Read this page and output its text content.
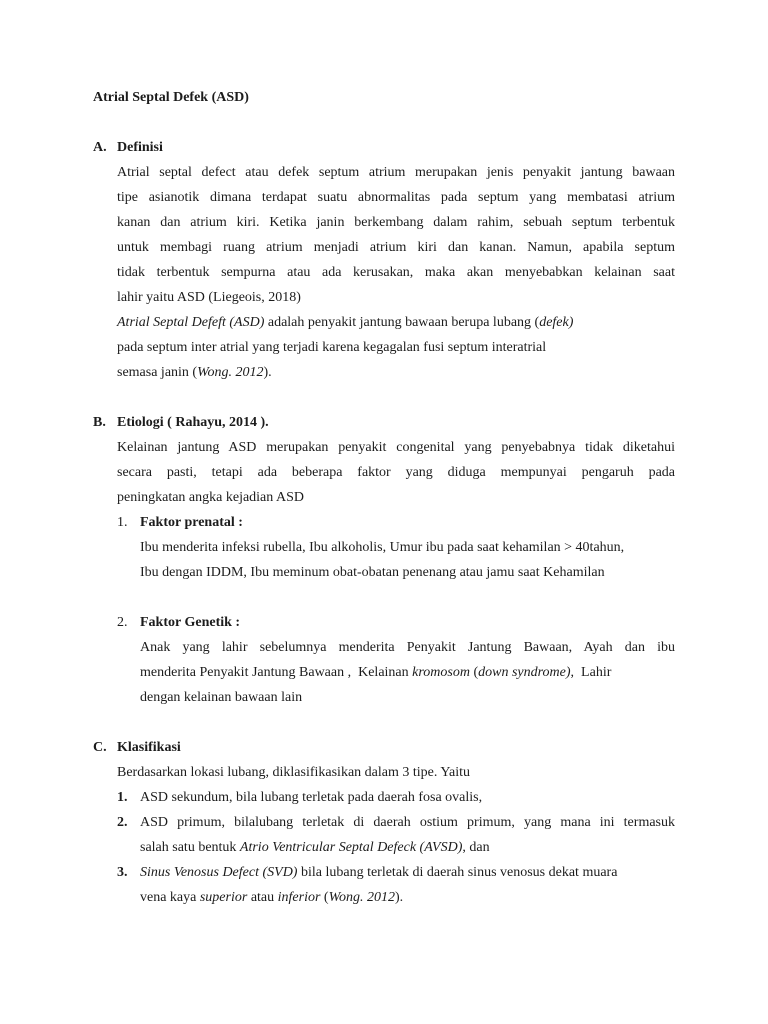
Atrial Septal Defek (ASD)
A. Definisi
Atrial septal defect atau defek septum atrium merupakan jenis penyakit jantung bawaan
tipe asianotik dimana terdapat suatu abnormalitas pada septum yang membatasi atrium
kanan dan atrium kiri. Ketika janin berkembang dalam rahim, sebuah septum terbentuk
untuk membagi ruang atrium menjadi atrium kiri dan kanan. Namun, apabila septum
tidak terbentuk sempurna atau ada kerusakan, maka akan menyebabkan kelainan saat
lahir yaitu ASD (Liegeois, 2018)
Atrial Septal Defeft (ASD) adalah penyakit jantung bawaan berupa lubang (defek)
pada septum inter atrial yang terjadi karena kegagalan fusi septum interatrial
semasa janin (Wong. 2012).
B. Etiologi ( Rahayu, 2014 ).
Kelainan jantung ASD merupakan penyakit congenital yang penyebabnya tidak diketahui
secara pasti, tetapi ada beberapa faktor yang diduga mempunyai pengaruh pada
peningkatan angka kejadian ASD
1. Faktor prenatal :
Ibu menderita infeksi rubella, Ibu alkoholis, Umur ibu pada saat kehamilan > 40tahun,
Ibu dengan IDDM, Ibu meminum obat-obatan penenang atau jamu saat Kehamilan
2. Faktor Genetik :
Anak yang lahir sebelumnya menderita Penyakit Jantung Bawaan, Ayah dan ibu
menderita Penyakit Jantung Bawaan ,  Kelainan kromosom (down syndrome),  Lahir
dengan kelainan bawaan lain
C. Klasifikasi
Berdasarkan lokasi lubang, diklasifikasikan dalam 3 tipe. Yaitu
1. ASD sekundum, bila lubang terletak pada daerah fosa ovalis,
2. ASD primum, bilalubang terletak di daerah ostium primum, yang mana ini termasuk
salah satu bentuk Atrio Ventricular Septal Defeck (AVSD), dan
3. Sinus Venosus Defect (SVD) bila lubang terletak di daerah sinus venosus dekat muara
vena kaya superior atau inferior (Wong. 2012).
